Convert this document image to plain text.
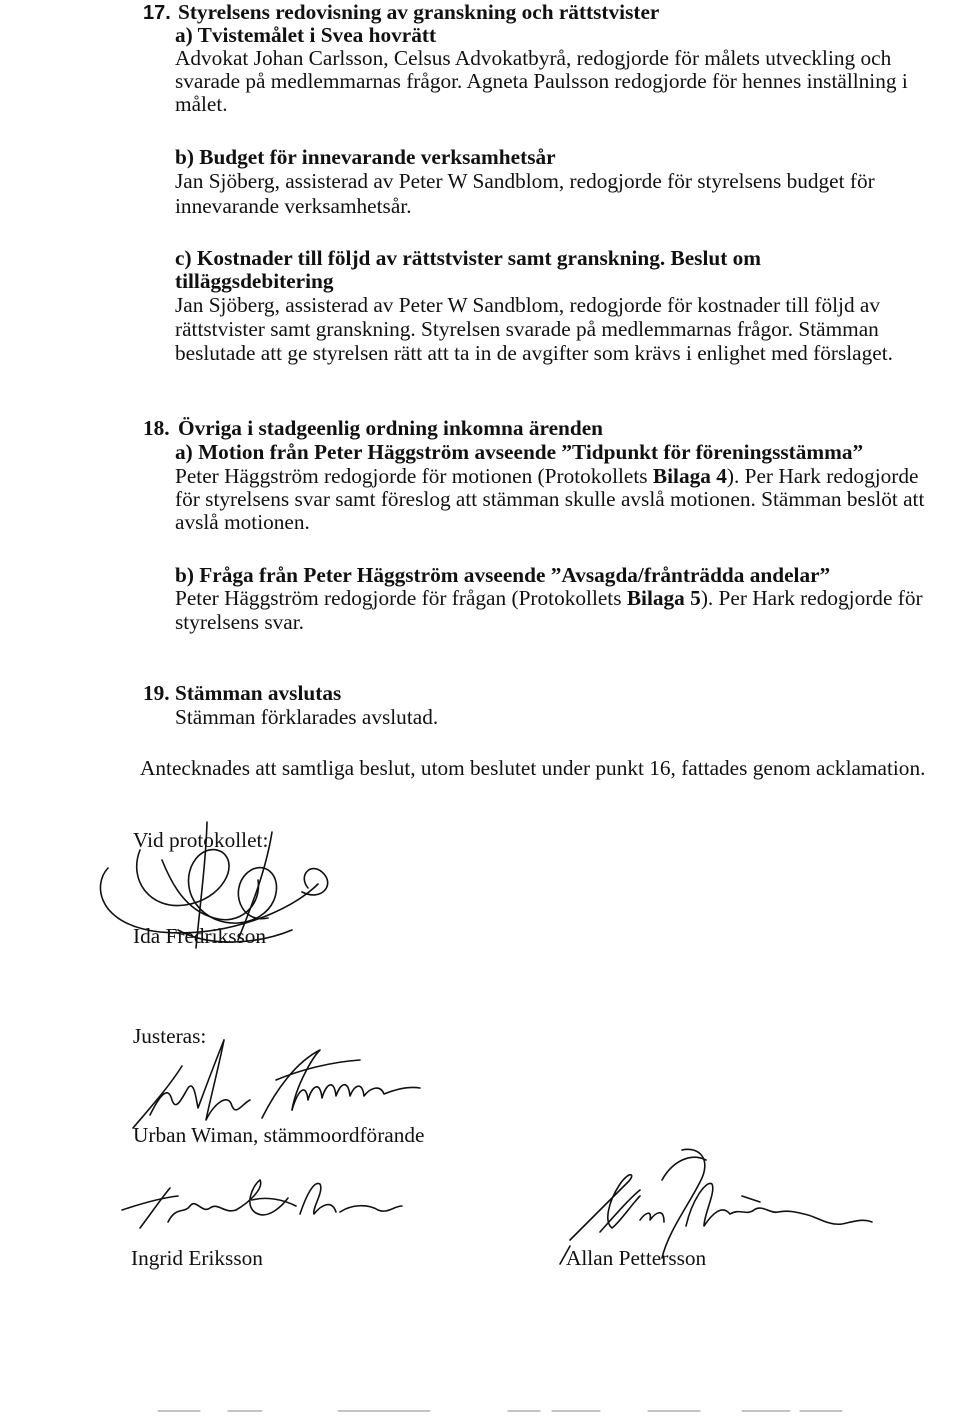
17. Styrelsens redovisning av granskning och rättstvister
a) Tvistemålet i Svea hovrätt
Advokat Johan Carlsson, Celsus Advokatbyrå, redogjorde för målets utveckling och
svarade på medlemmarnas frågor. Agneta Paulsson redogjorde för hennes inställning i
målet.
b) Budget för innevarande verksamhetsår
Jan Sjöberg, assisterad av Peter W Sandblom, redogjorde för styrelsens budget för
innevarande verksamhetsår.
c) Kostnader till följd av rättstvister samt granskning. Beslut om
tilläggsdebitering
Jan Sjöberg, assisterad av Peter W Sandblom, redogjorde för kostnader till följd av
rättstvister samt granskning. Styrelsen svarade på medlemmarnas frågor. Stämman
beslutade att ge styrelsen rätt att ta in de avgifter som krävs i enlighet med förslaget.
18. Övriga i stadgeenlig ordning inkomna ärenden
a) Motion från Peter Häggström avseende ”Tidpunkt för föreningsstämma”
Peter Häggström redogjorde för motionen (Protokollets Bilaga 4). Per Hark redogjorde
för styrelsens svar samt föreslog att stämman skulle avslå motionen. Stämman beslöt att
avslå motionen.
b) Fråga från Peter Häggström avseende ”Avsagda/frånträdda andelar”
Peter Häggström redogjorde för frågan (Protokollets Bilaga 5). Per Hark redogjorde för
styrelsens svar.
19. Stämman avslutas
Stämman förklarades avslutad.
Antecknades att samtliga beslut, utom beslutet under punkt 16, fattades genom acklamation.
Vid protokollet:
Ida Fredriksson
Justeras:
Urban Wiman, stämmoordförande
Ingrid Eriksson	Allan Pettersson
